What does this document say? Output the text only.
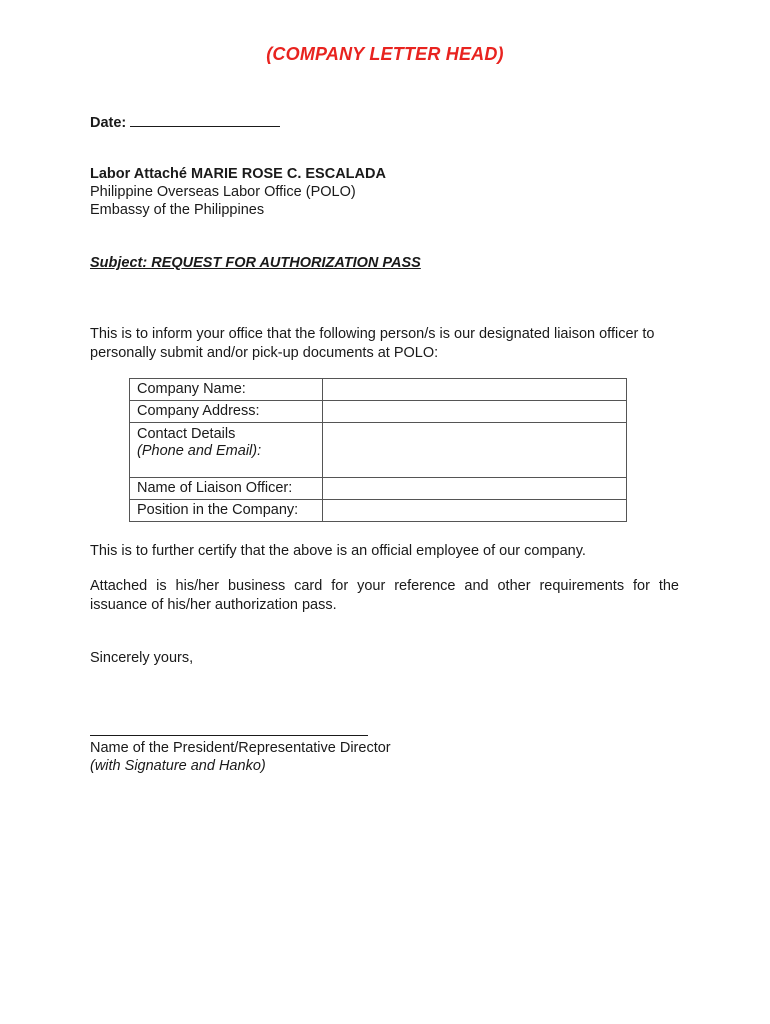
(COMPANY LETTER HEAD)
Date:
Labor Attaché MARIE ROSE C. ESCALADA
Philippine Overseas Labor Office (POLO)
Embassy of the Philippines
Subject: REQUEST FOR AUTHORIZATION PASS
This is to inform your office that the following person/s is our designated liaison officer to personally submit and/or pick-up documents at POLO:
Company Name:	
Company Address:	

Contact Details
(Phone and Email):	

Name of Liaison Officer:	
Position in the Company:	
This is to further certify that the above is an official employee of our company.
Attached is his/her business card for your reference and other requirements for the issuance of his/her authorization pass.
Sincerely yours,
Name of the President/Representative Director
(with Signature and Hanko)
